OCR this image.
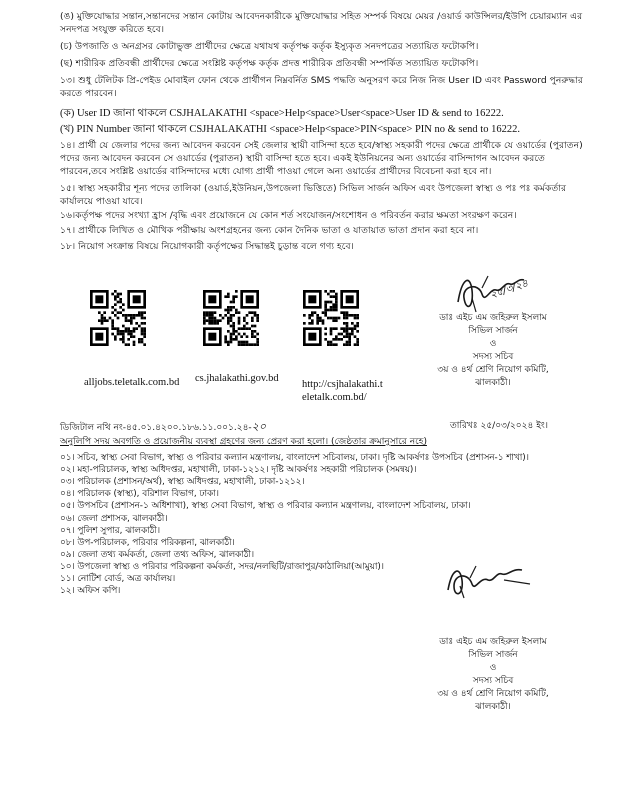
(ঙ) মুক্তিযোদ্ধার সন্তান,সন্তানদের সন্তান কোটায় আবেদনকারীকে মুক্তিযোদ্ধার সহিত সম্পর্ক বিষয়ে মেয়র /ওয়ার্ড কাউন্সিলর/ইউপি চেয়ারম্যান এর সনদপত্র সংযুক্ত করিতে হবে।
(চ) উপজাতি ও অনগ্রসর কোটাভুক্ত প্রার্থীদের ক্ষেত্রে যথাযথ কর্তৃপক্ষ কর্তৃক ইস্যুকৃত সনদপত্রের সত্যায়িত ফটোকপি।
(ছ) শারীরিক প্রতিবন্ধী প্রার্থীদের ক্ষেত্রে সংশ্লিষ্ট কর্তৃপক্ষ কর্তৃক প্রদত্ত শারীরিক প্রতিবন্ধী সম্পর্কিত সত্যায়িত ফটোকপি।
১৩। শুধু টেলিটক প্রি-পেইড মোবাইল ফোন থেকে প্রার্থীগন নিম্নবর্নিত SMS পদ্ধতি অনুসরণ করে নিজ নিজ User ID এবং Password পুনরুদ্ধার করতে পারবেন।
(ক) User ID জানা থাকলে CSJHALAKATHI <space>Help<space>User<space>User ID & send to 16222.
(খ) PIN Number জানা থাকলে CSJHALAKATHI <space>Help<space>PIN<space> PIN no & send to 16222.
১৪। প্রার্থী যে জেলার পদের জন্য আবেদন করবেন সেই জেলার স্থায়ী বাসিন্দা হতে হবে/স্বাস্থ্য সহকারী পদের ক্ষেত্রে প্রার্থীকে যে ওয়ার্ডের (পুরাতন) পদের জন্য আবেদন করবেন সে ওয়ার্ডের (পুরাতন) স্থায়ী বাসিন্দা হতে হবে। একই ইউনিয়নের অন্য ওয়ার্ডের বাসিন্দাগন আবেদন করতে পারবেন,তবে সংশ্লিষ্ট ওয়ার্ডের বাসিন্দাদের মধ্যে যোগ্য প্রার্থী পাওয়া গেলে অন্য ওয়ার্ডের প্রার্থীদের বিবেচনা করা হবে না।
১৫। স্বাস্থ্য সহকারীর শূন্য পদের তালিকা (ওয়ার্ড,ইউনিয়ন,উপজেলা ভিত্তিতে) সিভিল সার্জন অফিস এবং উপজেলা স্বাস্থ্য ও পঃ পঃ কর্মকর্তার কার্যালয়ে পাওয়া যাবে।
১৬।কর্তৃপক্ষ পদের সংখ্যা হ্রাস /বৃদ্ধি এবং প্রয়োজনে যে কোন শর্ত সংযোজন/সংশোধন ও পরিবর্তন করার ক্ষমতা সংরক্ষণ করেন।
১৭। প্রার্থীকে লিখিত ও মৌখিক পরীক্ষায় অংশগ্রহনের জন্য কোন দৈনিক ভাতা ও যাতায়াত ভাতা প্রদান করা হবে না।
১৮। নিয়োগ সংক্রান্ত বিষয়ে নিয়োগকারী কর্তৃপক্ষের সিদ্ধান্তই চুড়ান্ত বলে গণ্য হবে।
alljobs.teletalk.com.bd	cs.jhalakathi.gov.bd
http://csjhalakathi.teletalk.com.bd/
২৫/৩/২৪
ডাঃ এইচ এম জহিরুল ইসলাম
সিভিল সার্জন
ও
সদস্য সচিব
৩য় ও ৪র্থ শ্রেণি নিয়োগ কমিটি,
ঝালকাঠী।
ডিজিটাল নথি নং-৪৫.০১.৪২০০.১৮৬.১১.০০১.২৪-২০	তারিখঃ ২৫/০৩/২০২৪ ইং।
অনুলিপি সদয় অবগতি ও প্রয়োজনীয় ব্যবস্থা গ্রহণের জন্য প্রেরণ করা হলো। (জেষ্ঠতার ক্রমানুসারে নহে)
০১। সচিব, স্বাস্থ্য সেবা বিভাগ, স্বাস্থ্য ও পরিবার কল্যান মন্ত্রণালয়, বাংলাদেশ সচিবালয়, ঢাকা। দৃষ্টি আকর্ষণঃ উপসচিব (প্রশাসন-১ শাখা)।
০২। মহা-পরিচালক, স্বাস্থ্য অধিদপ্তর, মহাখালী, ঢাকা-১২১২। দৃষ্টি আকর্ষণঃ সহকারী পরিচালক (সমন্বয়)।
০৩। পরিচালক (প্রশাসন/অর্থ), স্বাস্থ্য অধিদপ্তর, মহাখালী, ঢাকা-১২১২।
০৪। পরিচালক (স্বাস্থ্য), বরিশাল বিভাগ, ঢাকা।
০৫। উপসচিব (প্রশাসন-১ অধিশাখা), স্বাস্থ্য সেবা বিভাগ, স্বাস্থ্য ও পরিবার কল্যান মন্ত্রণালয়, বাংলাদেশ সচিবালয়, ঢাকা।
০৬। জেলা প্রশাসক, ঝালকাঠী।
০৭। পুলিশ সুপার, ঝালকাঠী।
০৮। উপ-পরিচালক, পরিবার পরিকল্পনা, ঝালকাঠী।
০৯। জেলা তথ্য কর্মকর্তা, জেলা তথ্য অফিস, ঝালকাঠী।
১০। উপজেলা স্বাস্থ্য ও পরিবার পরিকল্পনা কর্মকর্তা, সদর/নলছিটি/রাজাপুর/কাঠালিয়া(আমুয়া)।
১১। নোটিশ বোর্ড, অত্র কার্যালয়।
১২। অফিস কপি।
ডাঃ এইচ এম জহিরুল ইসলাম
সিভিল সার্জন
ও
সদস্য সচিব
৩য় ও ৪র্থ শ্রেণি নিয়োগ কমিটি,
ঝালকাঠী।
